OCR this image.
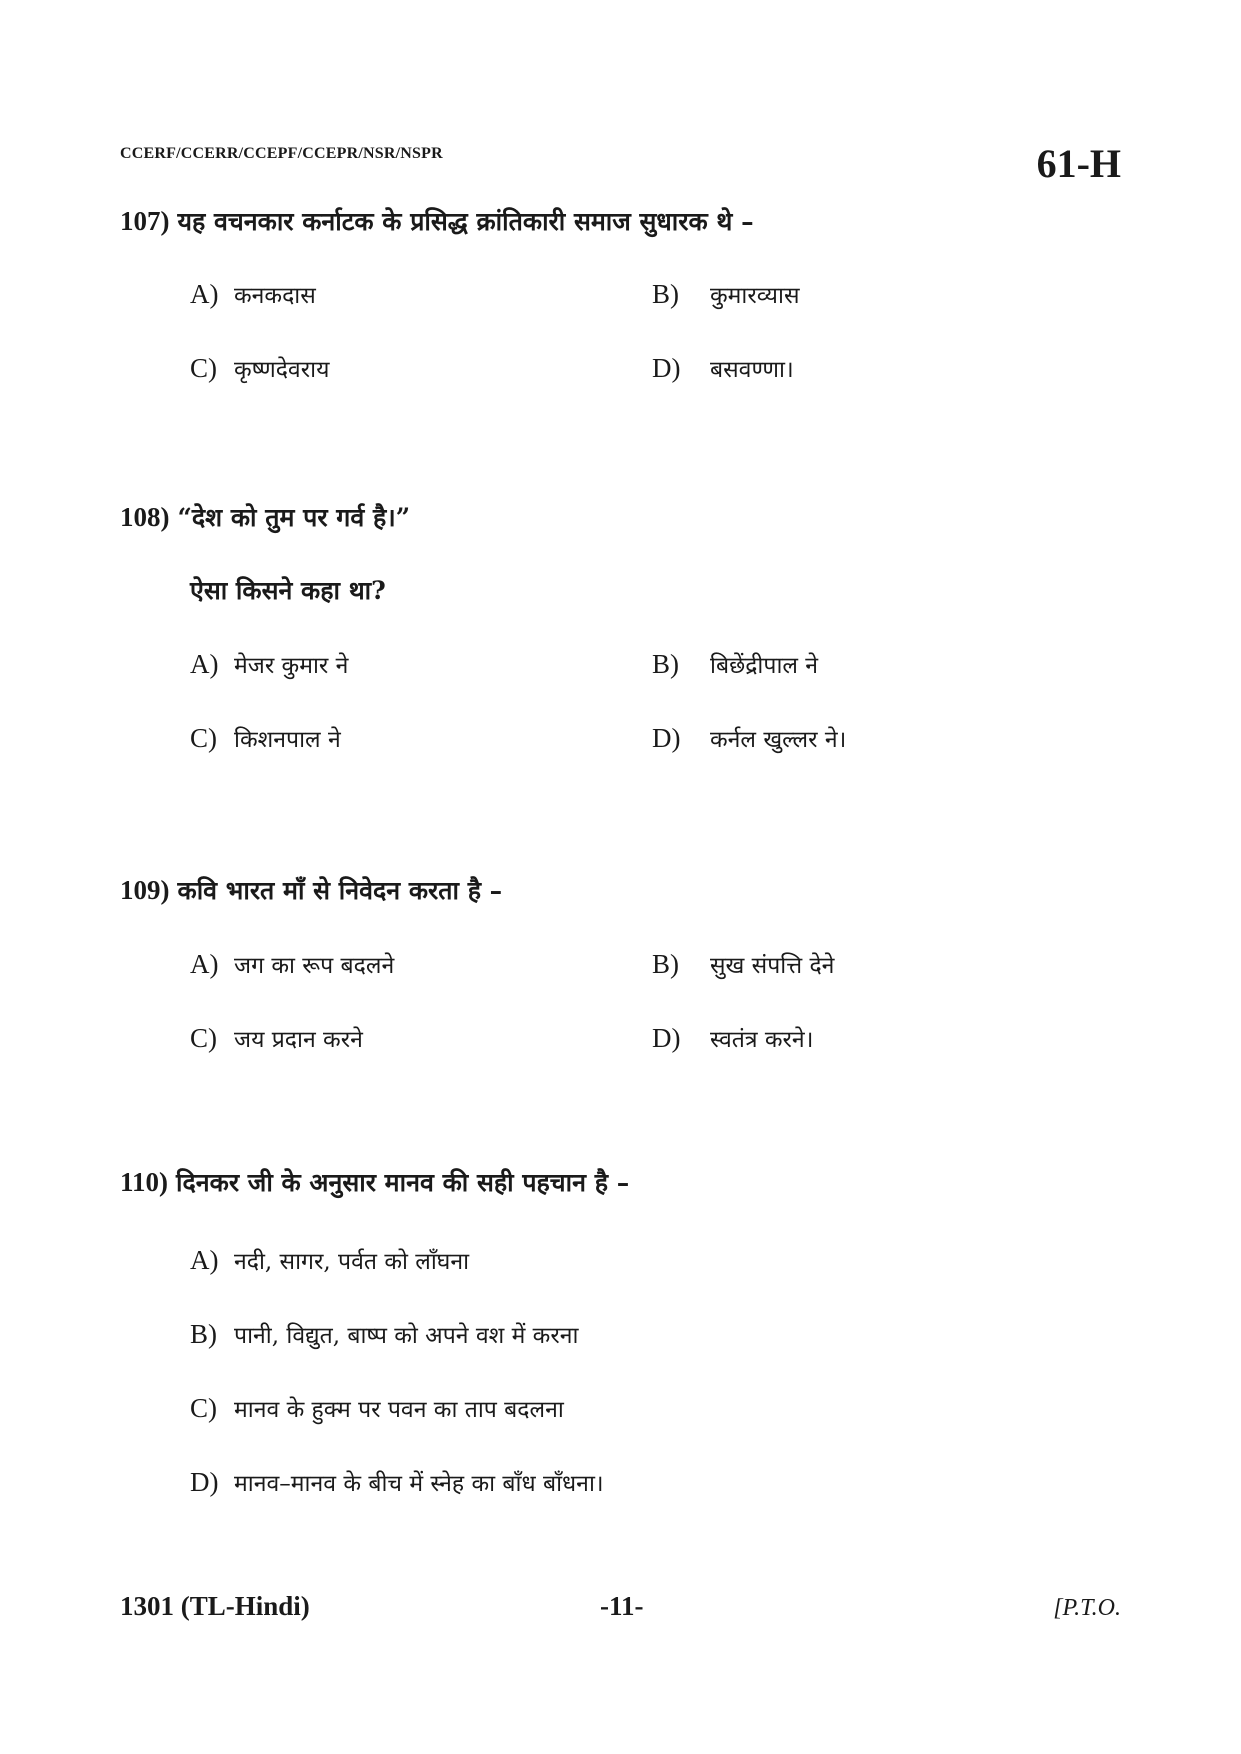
CCERF/CCERR/CCEPF/CCEPR/NSR/NSPR	61-H
107) यह वचनकार कर्नाटक के प्रसिद्ध क्रांतिकारी समाज सुधारक थे –
A) कनकदास	B) कुमारव्यास
C) कृष्णदेवराय	D) बसवण्णा।
108) “देश को तुम पर गर्व है।”
ऐसा किसने कहा था?
A) मेजर कुमार ने	B) बिछेंद्रीपाल ने
C) किशनपाल ने	D) कर्नल खुल्लर ने।
109) कवि भारत माँ से निवेदन करता है –
A) जग का रूप बदलने	B) सुख संपत्ति देने
C) जय प्रदान करने	D) स्वतंत्र करने।
110) दिनकर जी के अनुसार मानव की सही पहचान है –
A) नदी, सागर, पर्वत को लाँघना
B) पानी, विद्युत, बाष्प को अपने वश में करना
C) मानव के हुक्म पर पवन का ताप बदलना
D) मानव–मानव के बीच में स्नेह का बाँध बाँधना।
1301 (TL-Hindi)	-11-	[P.T.O.
